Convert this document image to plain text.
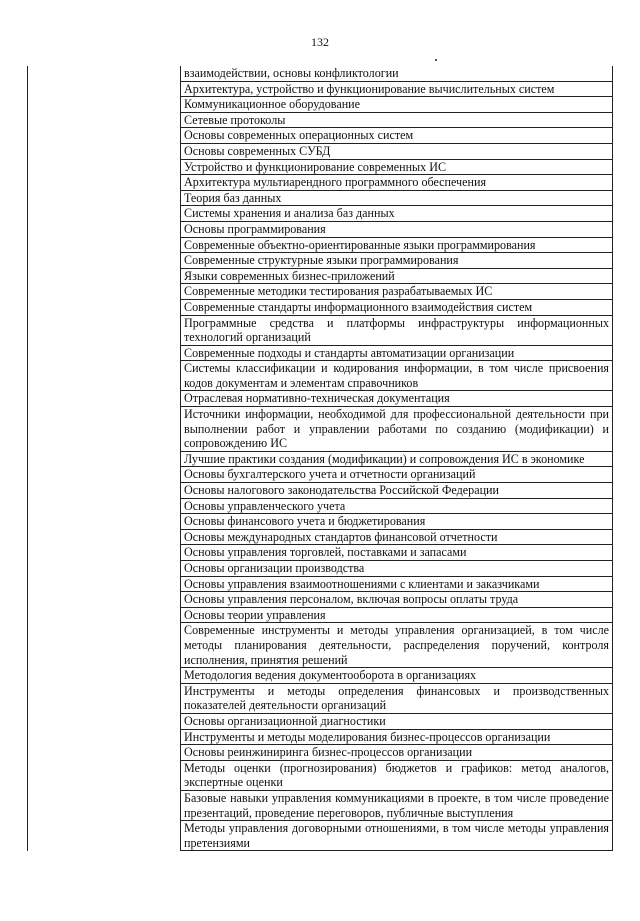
132
	взаимодействии, основы конфликтологии
Архитектура, устройство и функционирование вычислительных систем
Коммуникационное оборудование
Сетевые протоколы
Основы современных операционных систем
Основы современных СУБД
Устройство и функционирование современных ИС
Архитектура мультиарендного программного обеспечения
Теория баз данных
Системы хранения и анализа баз данных
Основы программирования
Современные объектно-ориентированные языки программирования
Современные структурные языки программирования
Языки современных бизнес-приложений
Современные методики тестирования разрабатываемых ИС
Современные стандарты информационного взаимодействия систем
Программные средства и платформы инфраструктуры информационных технологий организаций
Современные подходы и стандарты автоматизации организации
Системы классификации и кодирования информации, в том числе присвоения кодов документам и элементам справочников
Отраслевая нормативно-техническая документация
Источники информации, необходимой для профессиональной деятельности при выполнении работ и управлении работами по созданию (модификации) и сопровождению ИС
Лучшие практики создания (модификации) и сопровождения ИС в экономике
Основы бухгалтерского учета и отчетности организаций
Основы налогового законодательства Российской Федерации
Основы управленческого учета
Основы финансового учета и бюджетирования
Основы международных стандартов финансовой отчетности
Основы управления торговлей, поставками и запасами
Основы организации производства
Основы управления взаимоотношениями с клиентами и заказчиками
Основы управления персоналом, включая вопросы оплаты труда
Основы теории управления
Современные инструменты и методы управления организацией, в том числе методы планирования деятельности, распределения поручений, контроля исполнения, принятия решений
Методология ведения документооборота в организациях
Инструменты и методы определения финансовых и производственных показателей деятельности организаций
Основы организационной диагностики
Инструменты и методы моделирования бизнес-процессов организации
Основы реинжиниринга бизнес-процессов организации
Методы оценки (прогнозирования) бюджетов и графиков: метод аналогов, экспертные оценки
Базовые навыки управления коммуникациями в проекте, в том числе проведение презентаций, проведение переговоров, публичные выступления
Методы управления договорными отношениями, в том числе методы управления претензиями
